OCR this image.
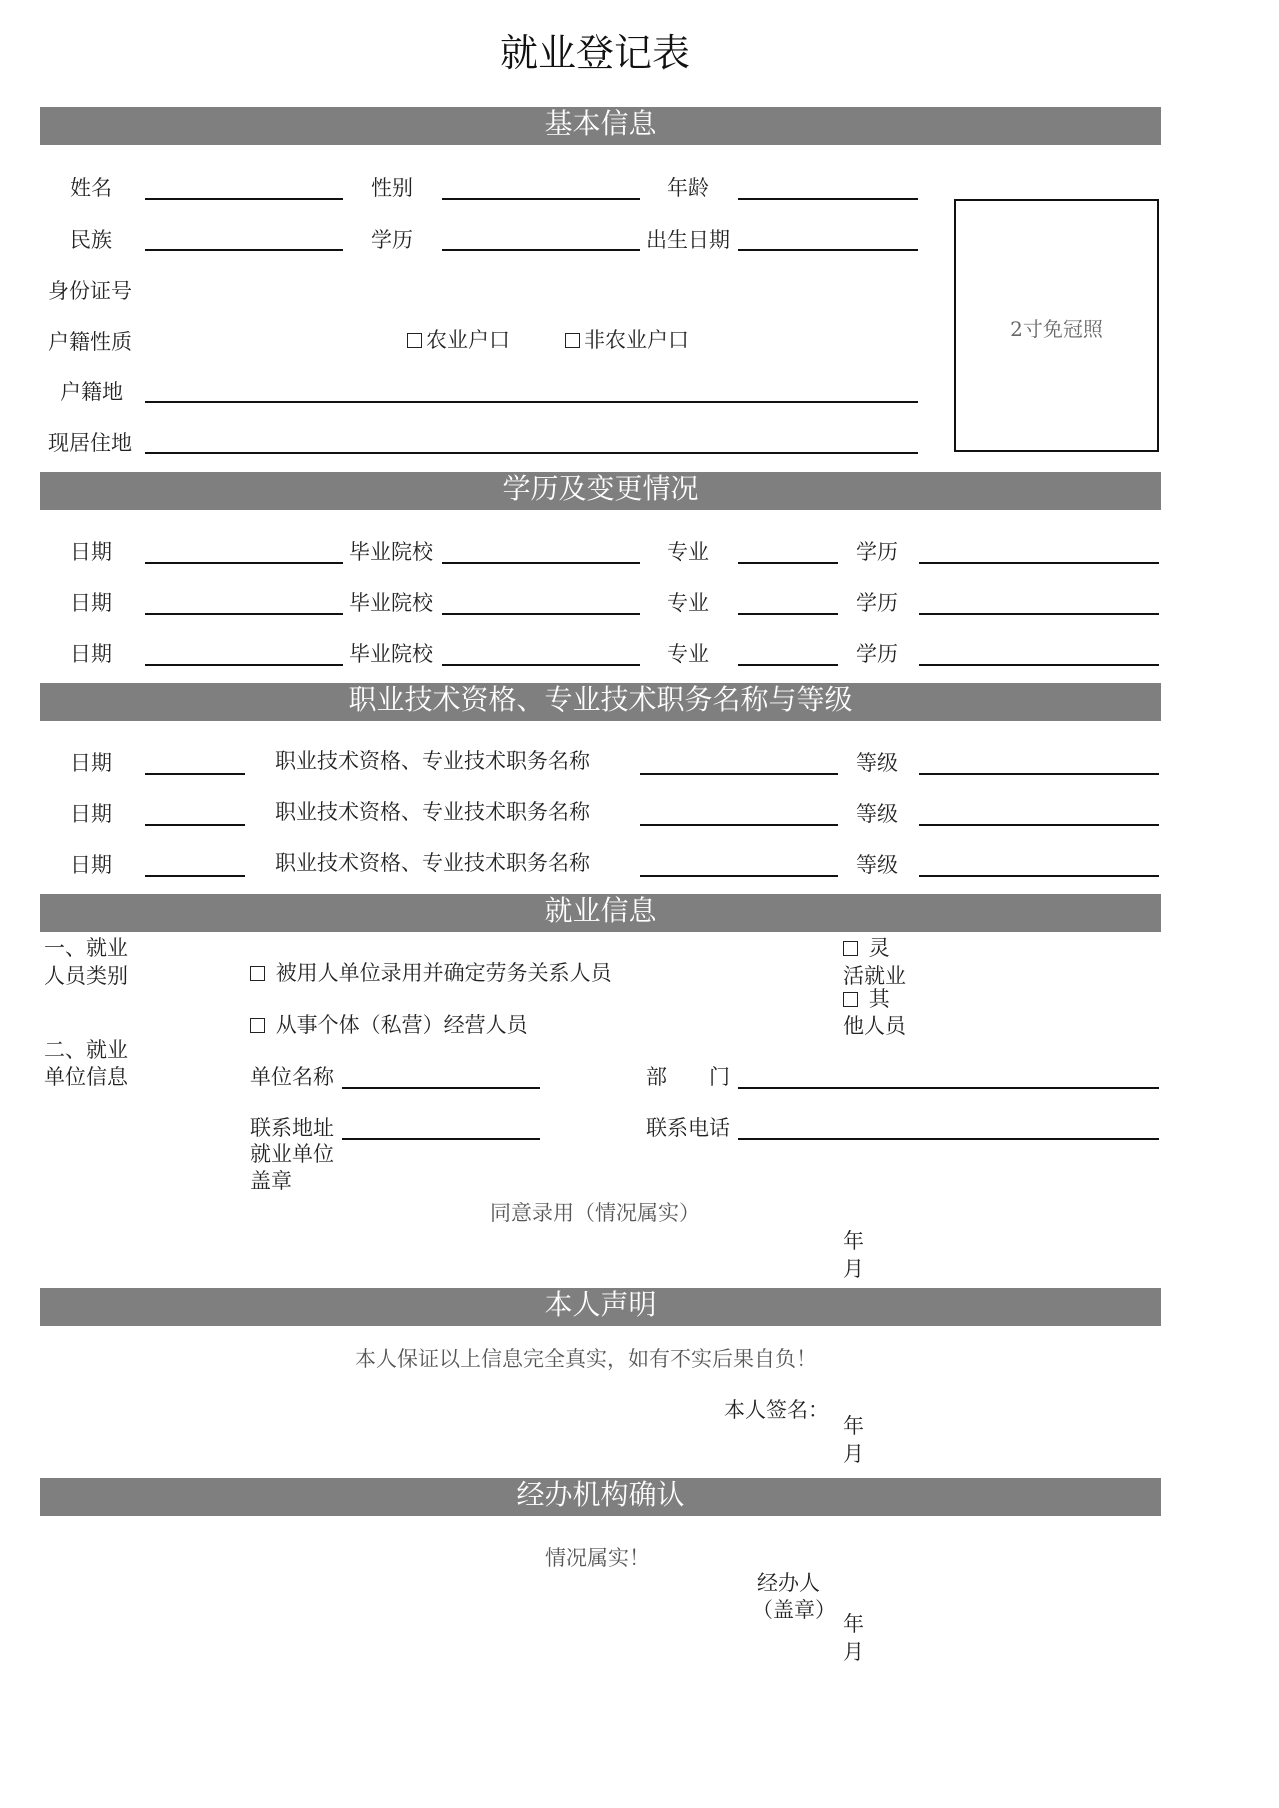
就业登记表
基本信息
姓名	性别	年龄
民族	学历	出生日期
身份证号
户籍性质	农业户口	非农业户口
户籍地
现居住地
2寸免冠照
学历及变更情况
日期	毕业院校	专业	学历
日期	毕业院校	专业	学历
日期	毕业院校	专业	学历
职业技术资格、专业技术职务名称与等级
日期	职业技术资格、专业技术职务名称	等级
日期	职业技术资格、专业技术职务名称	等级
日期	职业技术资格、专业技术职务名称	等级
就业信息
一、就业
人员类别	被用人单位录用并确定劳务关系人员
从事个体（私营）经营人员
灵
活就业
其
他人员
二、就业
单位信息	单位名称	部　　门
联系地址	联系电话
就业单位
盖章
同意录用（情况属实）
年
月
本人声明
本人保证以上信息完全真实，如有不实后果自负！
本人签名：
年
月
经办机构确认
情况属实！
经办人
（盖章）
年
月
